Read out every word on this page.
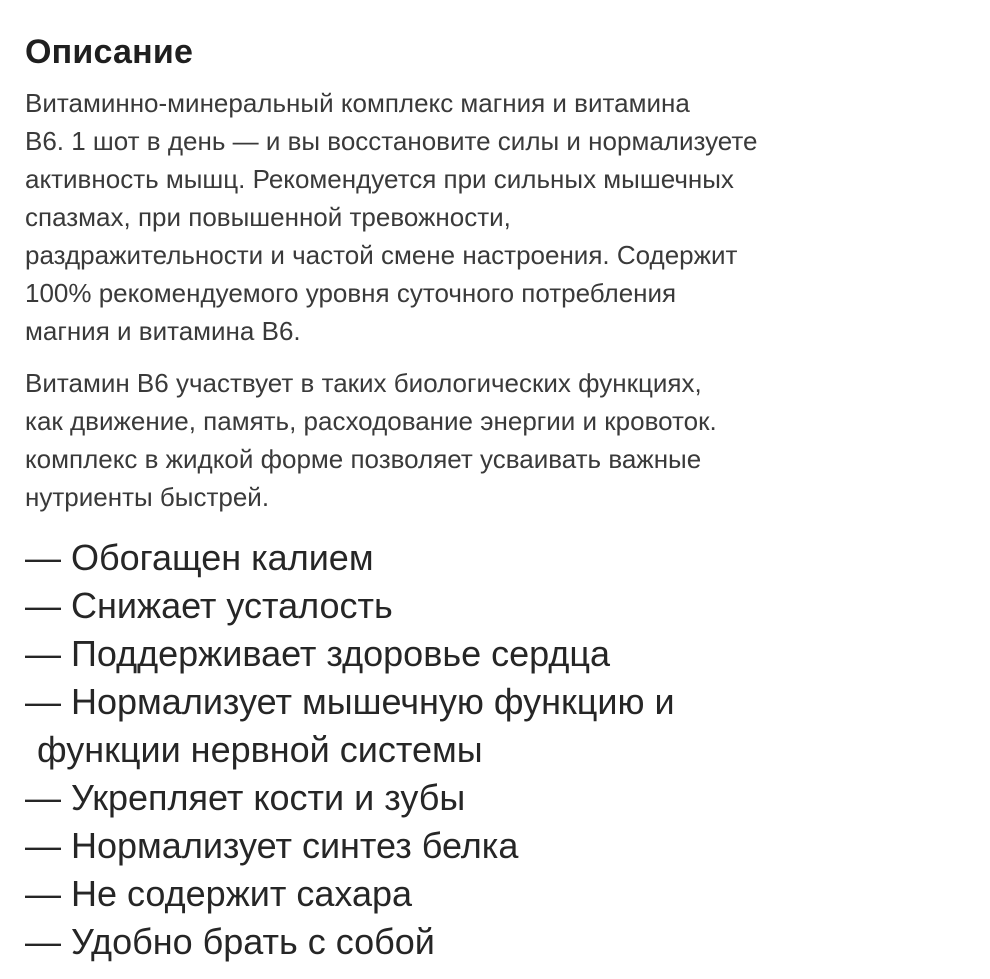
Описание

Витаминно-минеральный комплекс магния и витамина
B6. 1 шот в день — и вы восстановите силы и нормализуете
активность мышц. Рекомендуется при сильных мышечных
спазмах, при повышенной тревожности,
раздражительности и частой смене настроения. Содержит
100% рекомендуемого уровня суточного потребления
магния и витамина B6.

Витамин B6 участвует в таких биологических функциях,
как движение, память, расходование энергии и кровоток.
комплекс в жидкой форме позволяет усваивать важные
нутриенты быстрей.

— Обогащен калием
— Снижает усталость
— Поддерживает здоровье сердца
— Нормализует мышечную функцию и
функции нервной системы
— Укрепляет кости и зубы
— Нормализует синтез белка
— Не содержит сахара
— Удобно брать с собой
